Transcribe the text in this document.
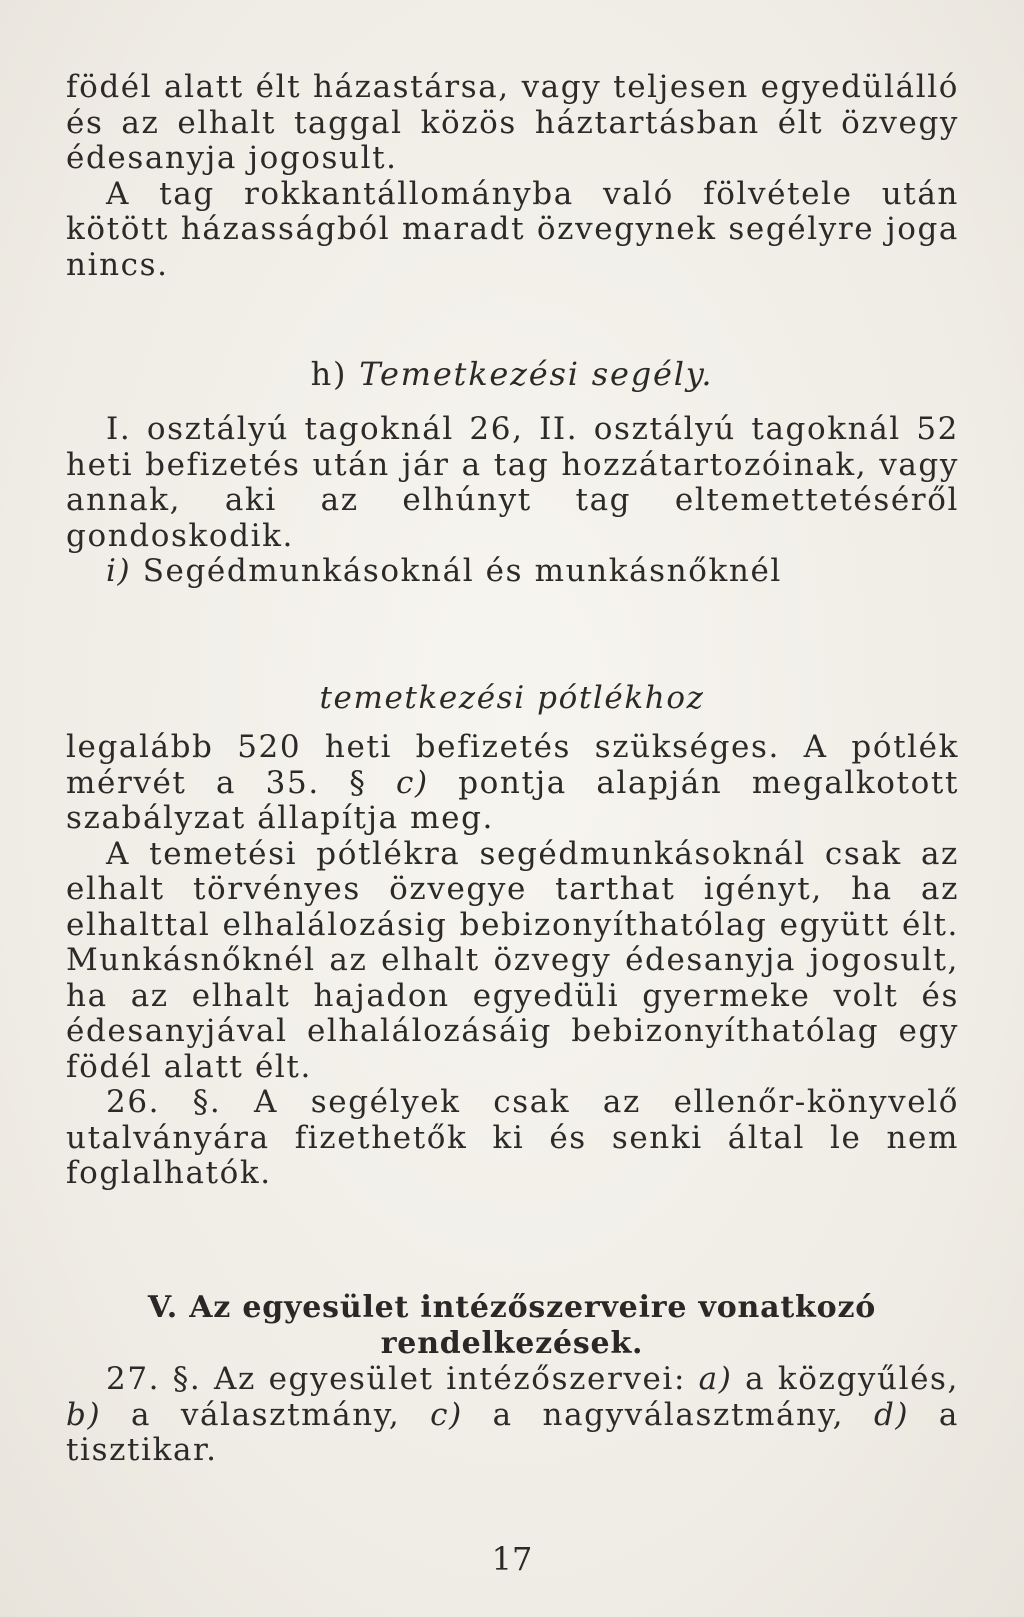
födél alatt élt házastársa, vagy teljesen egyedülálló és az elhalt taggal közös háztartásban élt özvegy édesanyja jogosult.

A tag rokkantállományba való fölvétele után kötött házasságból maradt özvegynek segélyre joga nincs.

h) Temetkezési segély.

I. osztályú tagoknál 26, II. osztályú tagoknál 52 heti befizetés után jár a tag hozzátartozóinak, vagy annak, aki az elhúnyt tag eltemettetéséről gondoskodik.

i) Segédmunkásoknál és munkásnőknél

temetkezési pótlékhoz

legalább 520 heti befizetés szükséges. A pótlék mérvét a 35. § c) pontja alapján megalkotott szabályzat állapítja meg.

A temetési pótlékra segédmunkásoknál csak az elhalt törvényes özvegye tarthat igényt, ha az elhalttal elhalálozásig bebizonyíthatólag együtt élt. Munkásnőknél az elhalt özvegy édesanyja jogosult, ha az elhalt hajadon egyedüli gyermeke volt és édesanyjával elhalálozásáig bebizonyíthatólag egy födél alatt élt.

26. §. A segélyek csak az ellenőr-könyvelő utalványára fizethetők ki és senki által le nem foglalhatók.

V. Az egyesület intézőszerveire vonatkozó
rendelkezések.

27. §. Az egyesület intézőszervei: a) a közgyűlés, b) a választmány, c) a nagyválasztmány, d) a tisztikar.

17
